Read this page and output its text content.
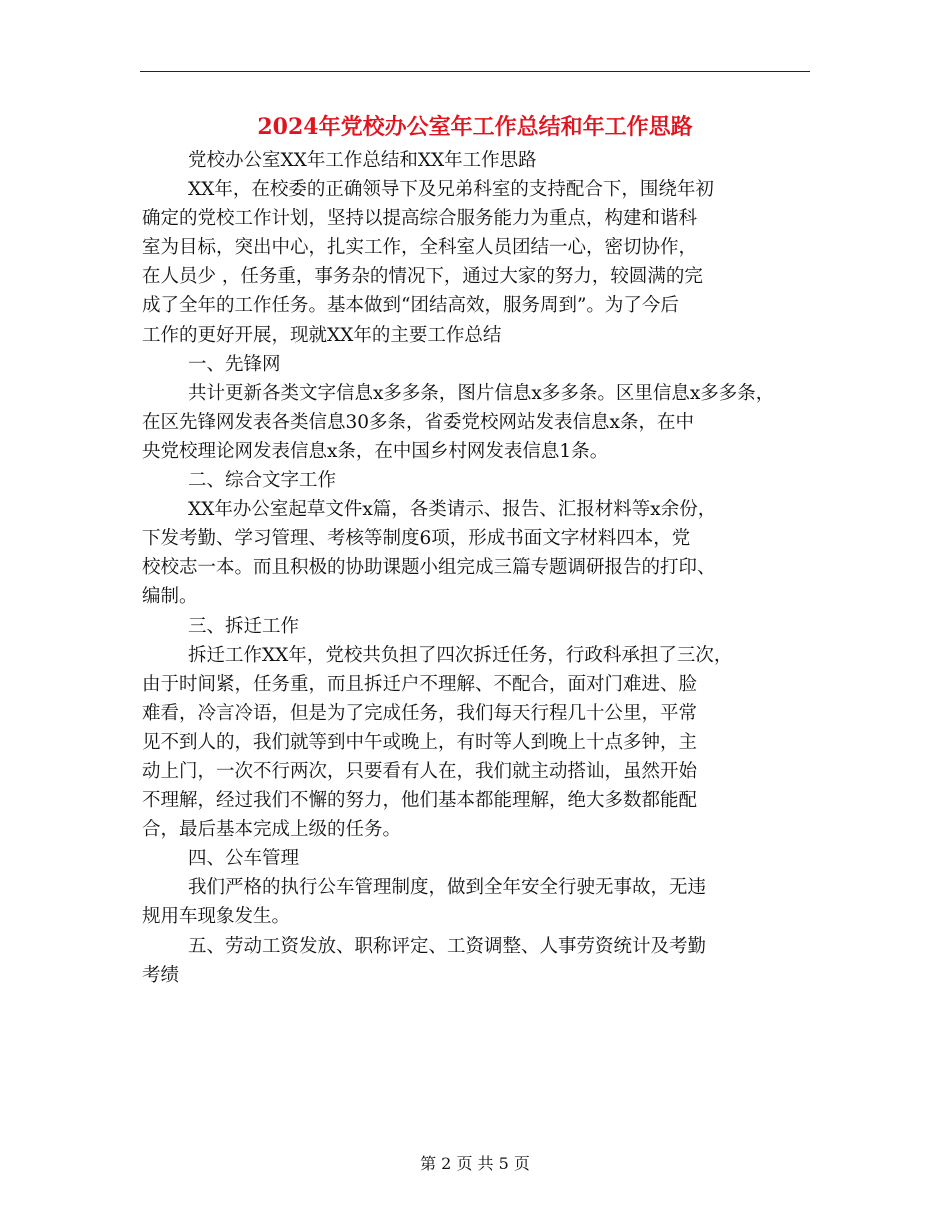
2024年党校办公室年工作总结和年工作思路
党校办公室XX年工作总结和XX年工作思路
XX年，在校委的正确领导下及兄弟科室的支持配合下，围绕年初
确定的党校工作计划，坚持以提高综合服务能力为重点，构建和谐科
室为目标，突出中心，扎实工作，全科室人员团结一心，密切协作，
在人员少 ，任务重，事务杂的情况下，通过大家的努力，较圆满的完
成了全年的工作任务。基本做到“团结高效，服务周到”。为了今后
工作的更好开展，现就XX年的主要工作总结
一、先锋网
共计更新各类文字信息x多多条，图片信息x多多条。区里信息x多多条，
在区先锋网发表各类信息30多条，省委党校网站发表信息x条，在中
央党校理论网发表信息x条，在中国乡村网发表信息1条。
二、综合文字工作
XX年办公室起草文件x篇，各类请示、报告、汇报材料等x余份，
下发考勤、学习管理、考核等制度6项，形成书面文字材料四本，党
校校志一本。而且积极的协助课题小组完成三篇专题调研报告的打印、
编制。
三、拆迁工作
拆迁工作XX年，党校共负担了四次拆迁任务，行政科承担了三次，
由于时间紧，任务重，而且拆迁户不理解、不配合，面对门难进、脸
难看，冷言冷语，但是为了完成任务，我们每天行程几十公里，平常
见不到人的，我们就等到中午或晚上，有时等人到晚上十点多钟，主
动上门，一次不行两次，只要看有人在，我们就主动搭讪，虽然开始
不理解，经过我们不懈的努力，他们基本都能理解，绝大多数都能配
合，最后基本完成上级的任务。
四、公车管理
我们严格的执行公车管理制度，做到全年安全行驶无事故，无违
规用车现象发生。
五、劳动工资发放、职称评定、工资调整、人事劳资统计及考勤
考绩
第 2 页 共 5 页
